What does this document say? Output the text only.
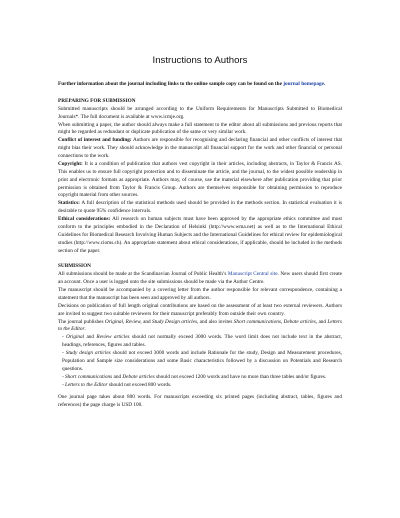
Instructions to Authors

Further information about the journal including links to the online sample copy can be found on the journal homepage.

PREPARING FOR SUBMISSION

Submitted manuscripts should be arranged according to the Uniform Requirements for Manuscripts Submitted to Biomedical Journals*. The full document is available at www.icmje.org.

When submitting a paper, the author should always make a full statement to the editor about all submissions and previous reports that might be regarded as redundant or duplicate publication of the same or very similar work.

Conflict of interest and funding: Authors are responsible for recognising and declaring financial and other conflicts of interest that might bias their work. They should acknowledge in the manuscript all financial support for the work and other financial or personal connections to the work.

Copyright: It is a condition of publication that authors vest copyright in their articles, including abstracts, in Taylor & Francis AS. This enables us to ensure full copyright protection and to disseminate the article, and the journal, to the widest possible readership in print and electronic formats as appropriate. Authors may, of course, use the material elsewhere after publication providing that prior permission is obtained from Taylor & Francis Group. Authors are themselves responsible for obtaining permission to reproduce copyright material from other sources.

Statistics: A full description of the statistical methods used should be provided in the methods section. In statistical evaluation it is desirable to quote 95% confidence intervals.

Ethical considerations: All research on human subjects must have been approved by the appropriate ethics committee and must conform to the principles embodied in the Declaration of Helsinki (http://www.wma.net) as well as to the International Ethical Guidelines for Biomedical Research Involving Human Subjects and the International Guidelines for ethical review for epidemiological studies (http://www.cioms.ch). An appropriate statement about ethical considerations, if applicable, should be included in the methods section of the paper.

SUBMISSION

All submissions should be made at the Scandinavian Journal of Public Health’s Manuscript Central site. New users should first create an account. Once a user is logged onto the site submissions should be made via the Author Centre.

The manuscript should be accompanied by a covering letter from the author responsible for relevant correspondence, containing a statement that the manuscript has been seen and approved by all authors.

Decisions on publication of full length original contributions are based on the assessment of at least two external reviewers. Authors are invited to suggest two suitable reviewers for their manuscript preferably from outside their own country.

The journal publishes Original, Review, and Study Design articles, and also invites Short communications, Debate articles, and Letters to the Editor.

- Original and Review articles should not normally exceed 3000 words. The word limit does not include text in the abstract, headings, references, figures and tables.

- Study design articles should not exceed 3000 words and include Rationale for the study, Design and Measurement procedures, Population and Sample size considerations and some Basic characteristics followed by a discussion on Potentials and Research questions.

- Short communications and Debate articles should not exceed 1200 words and have no more than three tables and/or figures.

- Letters to the Editor should not exceed 800 words.

One journal page takes about 800 words. For manuscripts exceeding six printed pages (including abstract, tables, figures and references) the page charge is USD 100.
